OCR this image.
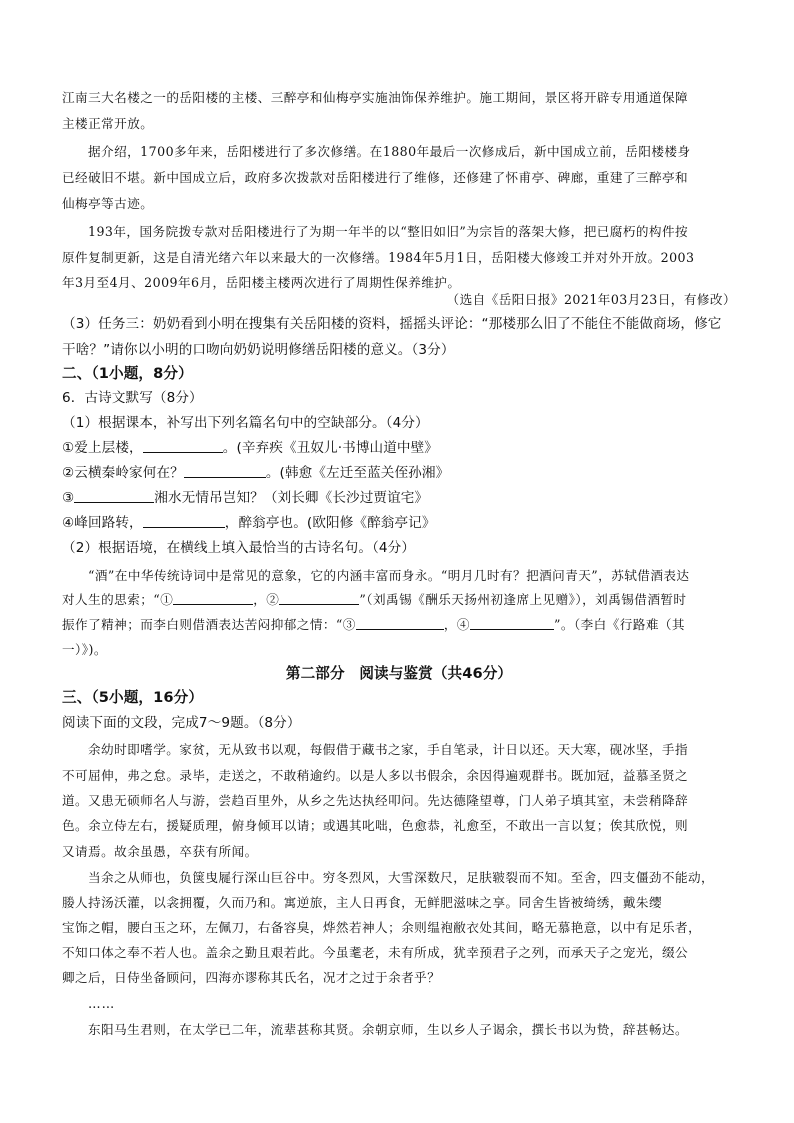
江南三大名楼之一的岳阳楼的主楼、三醉亭和仙梅亭实施油饰保养维护。施工期间，景区将开辟专用通道保障
主楼正常开放。
据介绍，1700多年来，岳阳楼进行了多次修缮。在1880年最后一次修成后，新中国成立前，岳阳楼楼身
已经破旧不堪。新中国成立后，政府多次拨款对岳阳楼进行了维修，还修建了怀甫亭、碑廊，重建了三醉亭和
仙梅亭等古迹。
193年，国务院拨专款对岳阳楼进行了为期一年半的以“整旧如旧”为宗旨的落架大修，把已腐朽的构件按
原件复制更新，这是自清光绪六年以来最大的一次修缮。1984年5月1日，岳阳楼大修竣工并对外开放。2003
年3月至4月、2009年6月，岳阳楼主楼两次进行了周期性保养维护。
（选自《岳阳日报》2021年03月23日，有修改）
（3）任务三：奶奶看到小明在搜集有关岳阳楼的资料，摇摇头评论：“那楼那么旧了不能住不能做商场，修它
干啥？”请你以小明的口吻向奶奶说明修缮岳阳楼的意义。（3分）
二、（1小题，8分）
6．古诗文默写（8分）
（1）根据课本，补写出下列名篇名句中的空缺部分。（4分）
①爱上层楼，	。(辛弃疾《丑奴儿·书博山道中壁》
②云横秦岭家何在？	。(韩愈《左迁至蓝关侄孙湘》
③	湘水无情吊岂知？（刘长卿《长沙过贾谊宅》
④峰回路转，	，醉翁亭也。(欧阳修《醉翁亭记》
（2）根据语境，在横线上填入最恰当的古诗名句。（4分）
“酒”在中华传统诗词中是常见的意象，它的内涵丰富而身永。“明月几时有？把酒问青天”，苏轼借酒表达
对人生的思索；“①	，②	”（刘禹锡《酬乐天扬州初逢席上见赠》），刘禹锡借酒暂时
振作了精神；而李白则借酒表达苦闷抑郁之情：“③	，④	”。（李白《行路难（其
一）》)。
第二部分　阅读与鉴赏（共46分）
三、（5小题，16分）
阅读下面的文段，完成7～9题。（8分）
余幼时即嗜学。家贫，无从致书以观，每假借于藏书之家，手自笔录，计日以还。天大寒，砚冰坚，手指
不可屈伸，弗之怠。录毕，走送之，不敢稍逾约。以是人多以书假余，余因得遍观群书。既加冠，益慕圣贤之
道。又患无硕师名人与游，尝趋百里外，从乡之先达执经叩问。先达德隆望尊，门人弟子填其室，未尝稍降辞
色。余立侍左右，援疑质理，俯身倾耳以请；或遇其叱咄，色愈恭，礼愈至，不敢出一言以复；俟其欣悦，则
又请焉。故余虽愚，卒获有所闻。
当余之从师也，负箧曳屣行深山巨谷中。穷冬烈风，大雪深数尺，足肤皲裂而不知。至舍，四支僵劲不能动，
媵人持汤沃灌，以衾拥覆，久而乃和。寓逆旅，主人日再食，无鲜肥滋味之享。同舍生皆被绮绣，戴朱缨
宝饰之帽，腰白玉之环，左佩刀，右备容臭，烨然若神人；余则缊袍敝衣处其间，略无慕艳意，以中有足乐者，
不知口体之奉不若人也。盖余之勤且艰若此。今虽耄老，未有所成，犹幸预君子之列，而承天子之宠光，缀公
卿之后，日侍坐备顾问，四海亦谬称其氏名，况才之过于余者乎？
……
东阳马生君则，在太学已二年，流辈甚称其贤。余朝京师，生以乡人子谒余，撰长书以为贽，辞甚畅达。
